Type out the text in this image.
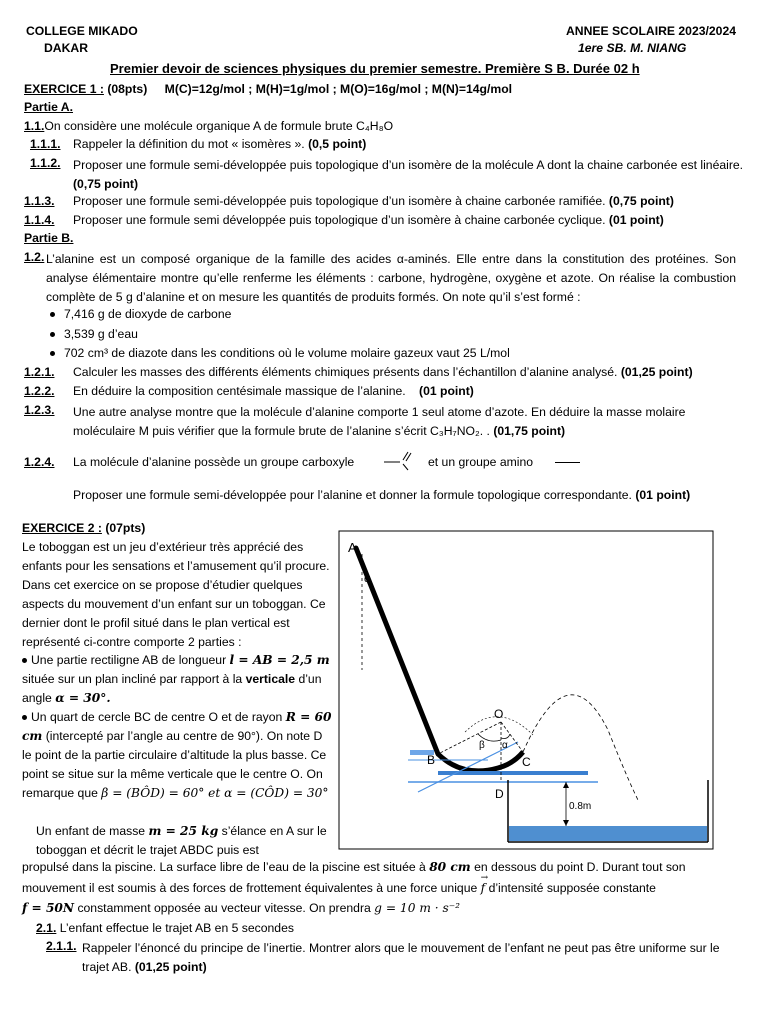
COLLEGE MIKADO
DAKAR
ANNEE SCOLAIRE 2023/2024
1ere SB. M. NIANG
Premier devoir de sciences physiques du premier semestre. Première S B. Durée 02 h
EXERCICE 1 : (08pts) M(C)=12g/mol ; M(H)=1g/mol ; M(O)=16g/mol ; M(N)=14g/mol
Partie A.
1.1.On considère une molécule organique A de formule brute C₄H₈O
1.1.1. Rappeler la définition du mot « isomères ». (0,5 point)
1.1.2. Proposer une formule semi-développée puis topologique d’un isomère de la molécule A dont la chaine carbonée est linéaire. (0,75 point)
1.1.3. Proposer une formule semi-développée puis topologique d’un isomère à chaine carbonée ramifiée. (0,75 point)
1.1.4. Proposer une formule semi développée puis topologique d’un isomère à chaine carbonée cyclique. (01 point)
Partie B.
1.2. L’alanine est un composé organique de la famille des acides α-aminés. Elle entre dans la constitution des protéines. Son analyse élémentaire montre qu’elle renferme les éléments : carbone, hydrogène, oxygène et azote. On réalise la combustion complète de 5 g d’alanine et on mesure les quantités de produits formés. On note qu’il s’est formé :
7,416 g de dioxyde de carbone
3,539 g d’eau
702 cm³ de diazote dans les conditions où le volume molaire gazeux vaut 25 L/mol
1.2.1. Calculer les masses des différents éléments chimiques présents dans l’échantillon d’alanine analysé. (01,25 point)
1.2.2. En déduire la composition centésimale massique de l’alanine. (01 point)
1.2.3. Une autre analyse montre que la molécule d’alanine comporte 1 seul atome d’azote. En déduire la masse molaire moléculaire M puis vérifier que la formule brute de l’alanine s’écrit C₃H₇NO₂. . (01,75 point)
1.2.4. La molécule d’alanine possède un groupe carboxyle	et un groupe amino
Proposer une formule semi-développée pour l’alanine et donner la formule topologique correspondante. (01 point)
EXERCICE 2 : (07pts)
Le toboggan est un jeu d’extérieur très apprécié des enfants pour les sensations et l’amusement qu’il procure. Dans cet exercice on se propose d’étudier quelques aspects du mouvement d’un enfant sur un toboggan. Ce dernier dont le profil situé dans le plan vertical est représenté ci-contre comporte 2 parties :
Une partie rectiligne AB de longueur l = AB = 2,5 m située sur un plan incliné par rapport à la verticale d’un angle α = 30°.
Un quart de cercle BC de centre O et de rayon R = 60 cm (intercepté par l’angle au centre de 90°). On note D le point de la partie circulaire d’altitude la plus basse. Ce point se situe sur la même verticale que le centre O. On remarque que β = (BÔD) = 60° et α = (CÔD) = 30°
Un enfant de masse m = 25 kg s’élance en A sur le toboggan et décrit le trajet ABDC puis est
propulsé dans la piscine. La surface libre de l’eau de la piscine est située à 80 cm en dessous du point D. Durant tout son
mouvement il est soumis à des forces de frottement équivalentes à une force unique
→
f d’intensité supposée constante
f = 50N constamment opposée au vecteur vitesse. On prendra g = 10 m · s⁻²
2.1. L’enfant effectue le trajet AB en 5 secondes
2.1.1. Rappeler l’énoncé du principe de l’inertie. Montrer alors que le mouvement de l’enfant ne peut pas être uniforme sur le trajet AB. (01,25 point)
A
α
O
β α
B	C
D
0.8m
